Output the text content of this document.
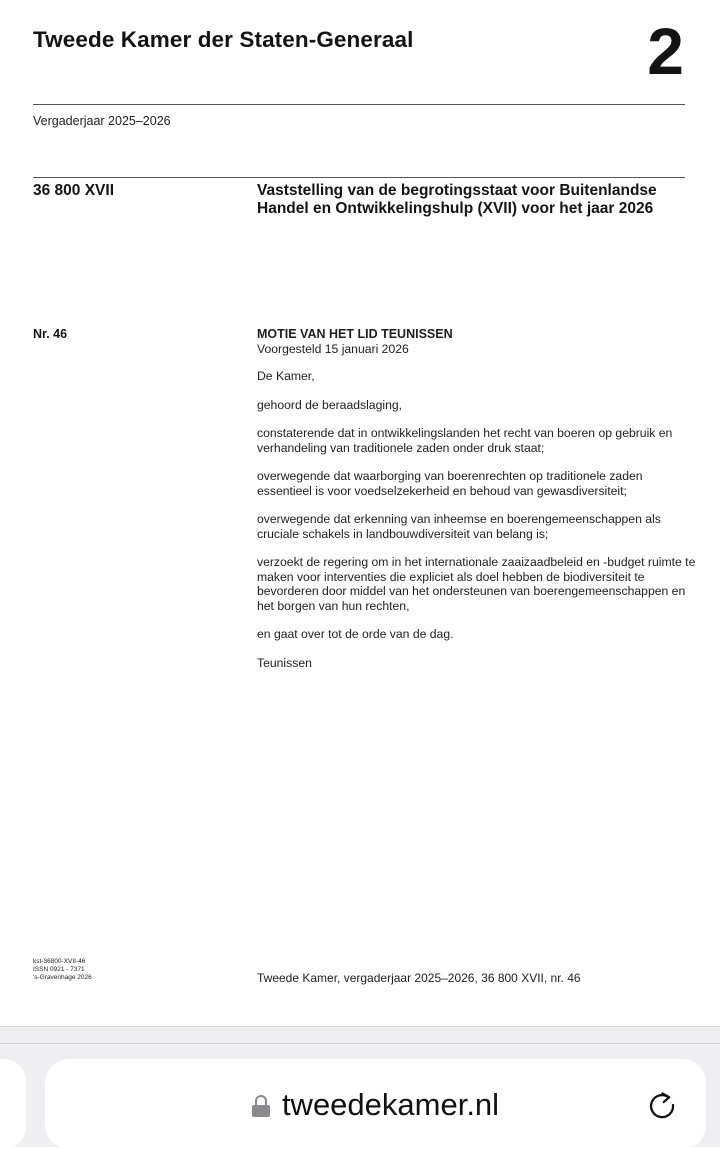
Tweede Kamer der Staten-Generaal	2
Vergaderjaar 2025–2026
36 800 XVII	Vaststelling van de begrotingsstaat voor Buitenlandse Handel en Ontwikkelingshulp (XVII) voor het jaar 2026
Nr. 46	MOTIE VAN HET LID TEUNISSEN

Voorgesteld 15 januari 2026

De Kamer,

gehoord de beraadslaging,

constaterende dat in ontwikkelingslanden het recht van boeren op gebruik en verhandeling van traditionele zaden onder druk staat;

overwegende dat waarborging van boerenrechten op traditionele zaden essentieel is voor voedselzekerheid en behoud van gewasdiversiteit;

overwegende dat erkenning van inheemse en boerengemeenschappen als cruciale schakels in landbouwdiversiteit van belang is;

verzoekt de regering om in het internationale zaaizaadbeleid en -budget ruimte te maken voor interventies die expliciet als doel hebben de biodiversiteit te bevorderen door middel van het ondersteunen van boerengemeenschappen en het borgen van hun rechten,

en gaat over tot de orde van de dag.

Teunissen

kst-36800-XVII-46
ISSN 0921 - 7371
's-Gravenhage 2026	Tweede Kamer, vergaderjaar 2025–2026, 36 800 XVII, nr. 46
tweedekamer.nl
